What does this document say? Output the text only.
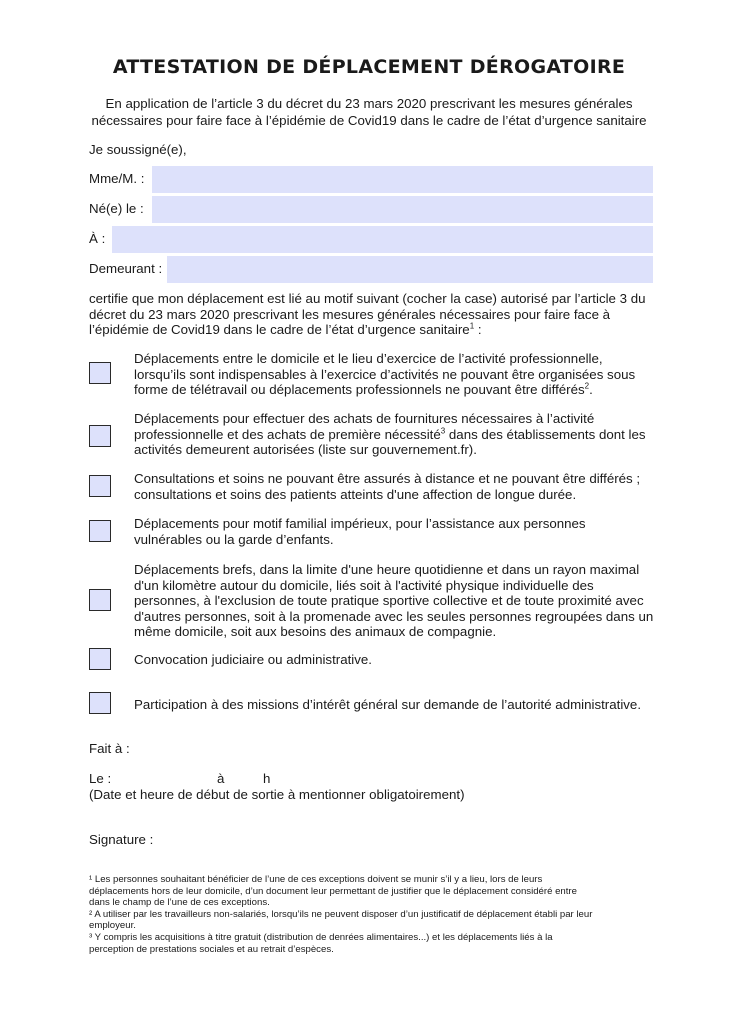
ATTESTATION DE DÉPLACEMENT DÉROGATOIRE
En application de l’article 3 du décret du 23 mars 2020 prescrivant les mesures générales
nécessaires pour faire face à l’épidémie de Covid19 dans le cadre de l’état d’urgence sanitaire
Je soussigné(e),
Mme/M. :
Né(e) le :
À :
Demeurant :
certifie que mon déplacement est lié au motif suivant (cocher la case) autorisé par l’article 3 du
décret du 23 mars 2020 prescrivant les mesures générales nécessaires pour faire face à
l’épidémie de Covid19 dans le cadre de l’état d’urgence sanitaire$^1$ :
Déplacements entre le domicile et le lieu d’exercice de l’activité professionnelle,
lorsqu’ils sont indispensables à l’exercice d’activités ne pouvant être organisées sous
forme de télétravail ou déplacements professionnels ne pouvant être différés$^2$.
Déplacements pour effectuer des achats de fournitures nécessaires à l’activité
professionnelle et des achats de première nécessité$^3$ dans des établissements dont les
activités demeurent autorisées (liste sur gouvernement.fr).
Consultations et soins ne pouvant être assurés à distance et ne pouvant être différés ;
consultations et soins des patients atteints d'une affection de longue durée.
Déplacements pour motif familial impérieux, pour l’assistance aux personnes
vulnérables ou la garde d’enfants.
Déplacements brefs, dans la limite d'une heure quotidienne et dans un rayon maximal
d'un kilomètre autour du domicile, liés soit à l'activité physique individuelle des
personnes, à l'exclusion de toute pratique sportive collective et de toute proximité avec
d'autres personnes, soit à la promenade avec les seules personnes regroupées dans un
même domicile, soit aux besoins des animaux de compagnie.
Convocation judiciaire ou administrative.
Participation à des missions d’intérêt général sur demande de l’autorité administrative.
Fait à :
Le :	à	h
(Date et heure de début de sortie à mentionner obligatoirement)
Signature :

¹ Les personnes souhaitant bénéficier de l’une de ces exceptions doivent se munir s’il y a lieu, lors de leurs
déplacements hors de leur domicile, d’un document leur permettant de justifier que le déplacement considéré entre
dans le champ de l’une de ces exceptions.

² A utiliser par les travailleurs non-salariés, lorsqu’ils ne peuvent disposer d’un justificatif de déplacement établi par leur
employeur.

³ Y compris les acquisitions à titre gratuit (distribution de denrées alimentaires...) et les déplacements liés à la
perception de prestations sociales et au retrait d’espèces.
